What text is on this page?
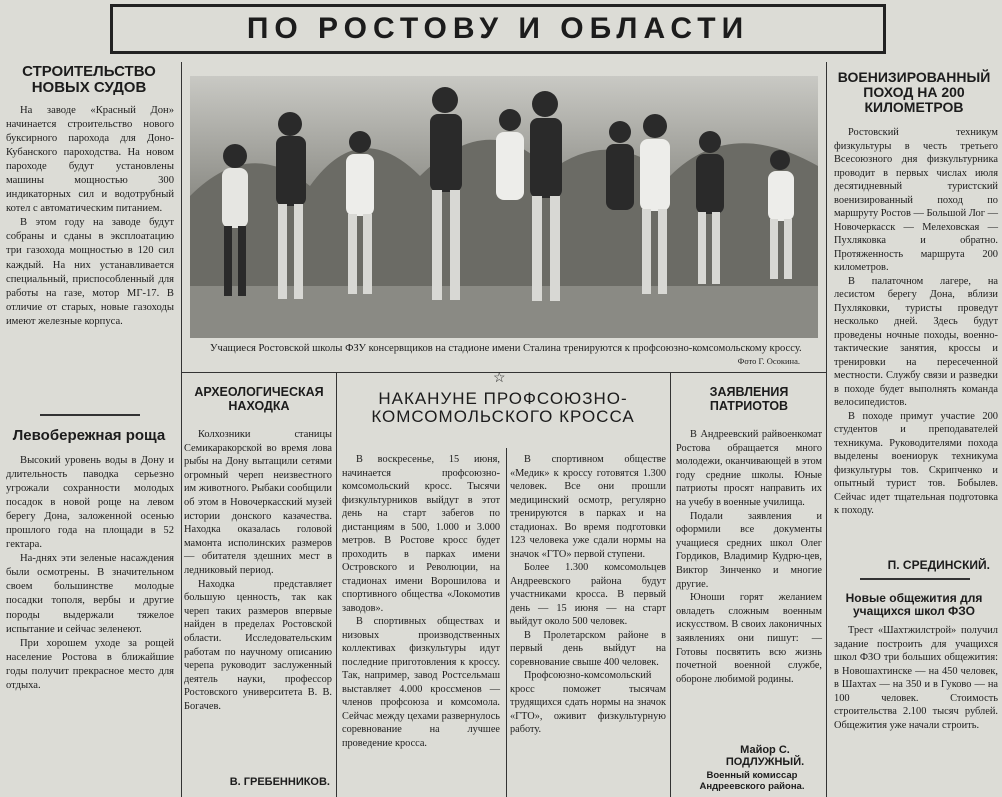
ПО РОСТОВУ И ОБЛАСТИ
СТРОИТЕЛЬСТВО НОВЫХ СУДОВ

На заводе «Красный Дон» начинается строительство нового буксирного парохода для Доно-Кубанского пароходства. На новом пароходе будут установлены машины мощностью 300 индикаторных сил и водотрубный котел с автоматическим питанием.

В этом году на заводе будут собраны и сданы в эксплоатацию три газохода мощностью в 120 сил каждый. На них устанавливается специальный, приспособленный для работы на газе, мотор МГ-17. В отличие от старых, новые газоходы имеют железные корпуса.

Левобережная роща

Высокий уровень воды в Дону и длительность паводка серьезно угрожали сохранности молодых посадок в новой роще на левом берегу Дона, заложенной осенью прошлого года на площади в 52 гектара.

На-днях эти зеленые насаждения были осмотрены. В значительном своем большинстве молодые посадки тополя, вербы и другие породы выдержали тяжелое испытание и сейчас зеленеют.

При хорошем уходе за рощей население Ростова в ближайшие годы получит прекрасное место для отдыха.

Учащиеся Ростовской школы ФЗУ консервщиков на стадионе имени Сталина тренируются к профсоюзно-комсомольскому кроссу.
Фото Г. Осокина.
АРХЕОЛОГИЧЕСКАЯ НАХОДКА

Колхозники станицы Семикаракорской во время лова рыбы на Дону вытащили сетями огромный череп неизвестного им животного. Рыбаки сообщили об этом в Новочеркасский музей истории донского казачества. Находка оказалась головой мамонта исполинских размеров — обитателя здешних мест в ледниковый период.

Находка представляет большую ценность, так как череп таких размеров впервые найден в пределах Ростовской области. Исследовательским работам по научному описанию черепа руководит заслуженный деятель науки, профессор Ростовского университета В. В. Богачев.

В. ГРЕБЕННИКОВ.
☆
НАКАНУНЕ ПРОФСОЮЗНО-КОМСОМОЛЬСКОГО КРОССА

В воскресенье, 15 июня, начинается профсоюзно-комсомольский кросс. Тысячи физкультурников выйдут в этот день на старт забегов по дистанциям в 500, 1.000 и 3.000 метров. В Ростове кросс будет проходить в парках имени Островского и Революции, на стадионах имени Ворошилова и спортивного общества «Локомотив заводов».

В спортивных обществах и низовых производственных коллективах физкультуры идут последние приготовления к кроссу. Так, например, завод Ростсельмаш выставляет 4.000 кроссменов — членов профсоюза и комсомола. Сейчас между цехами развернулось соревнование на лучшее проведение кросса.

В спортивном обществе «Медик» к кроссу готовятся 1.300 человек. Все они прошли медицинский осмотр, регулярно тренируются в парках и на стадионах. Во время подготовки 123 человека уже сдали нормы на значок «ГТО» первой ступени.

Более 1.300 комсомольцев Андреевского района будут участниками кросса. В первый день — 15 июня — на старт выйдут около 500 человек.

В Пролетарском районе в первый день выйдут на соревнование свыше 400 человек.

Профсоюзно-комсомольский кросс поможет тысячам трудящихся сдать нормы на значок «ГТО», оживит физкультурную работу.

ЗАЯВЛЕНИЯ ПАТРИОТОВ

В Андреевский райвоенкомат Ростова обращается много молодежи, оканчивающей в этом году средние школы. Юные патриоты просят направить их на учебу в военные училища.

Подали заявления и оформили все документы учащиеся средних школ Олег Гордиков, Владимир Кудрю-цев, Виктор Зинченко и многие другие.

Юноши горят желанием овладеть сложным военным искусством. В своих лаконичных заявлениях они пишут: — Готовы посвятить всю жизнь почетной военной службе, обороне любимой родины.

Майор С. ПОДЛУЖНЫЙ.
Военный комиссар Андреевского района.
ВОЕНИЗИРОВАННЫЙ ПОХОД НА 200 КИЛОМЕТРОВ

Ростовский техникум физкультуры в честь третьего Всесоюзного дня физкультурника проводит в первых числах июля десятидневный туристский военизированный поход по маршруту Ростов — Большой Лог — Новочеркасск — Мелеховская — Пухляковка и обратно. Протяженность маршрута 200 километров.

В палаточном лагере, на лесистом берегу Дона, вблизи Пухляковки, туристы проведут несколько дней. Здесь будут проведены ночные походы, военно-тактические занятия, кроссы и тренировки на пересеченной местности. Службу связи и разведки в походе будет выполнять команда велосипедистов.

В походе примут участие 200 студентов и преподавателей техникума. Руководителями похода выделены воениорук техникума физкультуры тов. Скрипченко и опытный турист тов. Бобылев. Сейчас идет тщательная подготовка к походу.

П. СРЕДИНСКИЙ.
Новые общежития для учащихся школ ФЗО

Трест «Шахтжилстрой» получил задание построить для учащихся школ ФЗО три больших общежития: в Новошахтинске — на 450 человек, в Шахтах — на 350 и в Гуково — на 100 человек. Стоимость строительства 2.100 тысяч рублей. Общежития уже начали строить.
